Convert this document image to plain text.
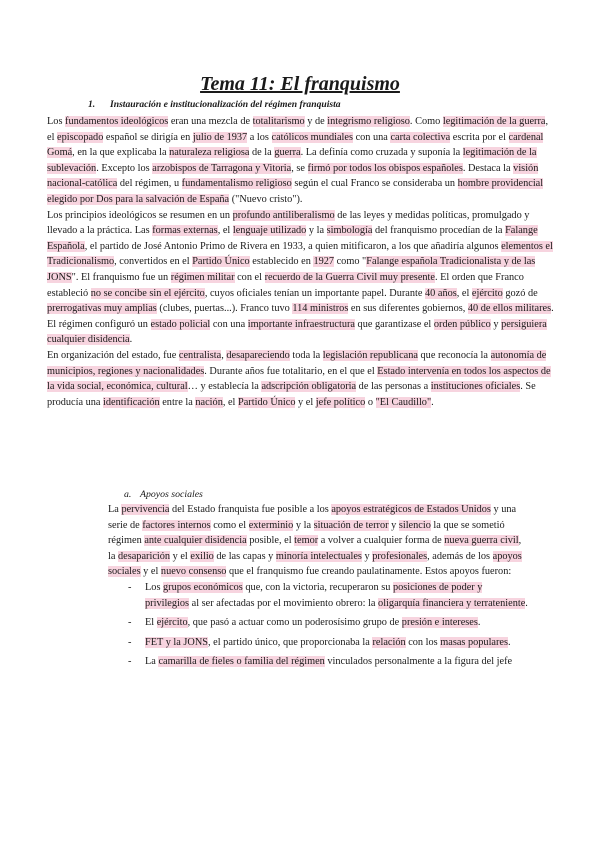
Tema 11: El franquismo
1. Instauración e institucionalización del régimen franquista

Los fundamentos ideológicos eran una mezcla de totalitarismo y de integrismo religioso. Como legitimación de la guerra, el episcopado español se dirigía en julio de 1937 a los católicos mundiales con una carta colectiva escrita por el cardenal Gomá, en la que explicaba la naturaleza religiosa de la guerra. La definía como cruzada y suponía la legitimación de la sublevación. Excepto los arzobispos de Tarragona y Vitoria, se firmó por todos los obispos españoles. Destaca la visión nacional-católica del régimen, u fundamentalismo religioso según el cual Franco se consideraba un hombre providencial elegido por Dos para la salvación de España ("Nuevo cristo").

Los principios ideológicos se resumen en un profundo antiliberalismo de las leyes y medidas políticas, promulgado y llevado a la práctica. Las formas externas, el lenguaje utilizado y la simbología del franquismo procedían de la Falange Española, el partido de José Antonio Primo de Rivera en 1933, a quien mitificaron, a los que añadiría algunos elementos el Tradicionalismo, convertidos en el Partido Único establecido en 1927 como "Falange española Tradicionalista y de las JONS". El franquismo fue un régimen militar con el recuerdo de la Guerra Civil muy presente. El orden que Franco estableció no se concibe sin el ejército, cuyos oficiales tenían un importante papel. Durante 40 años, el ejército gozó de prerrogativas muy amplias (clubes, puertas...). Franco tuvo 114 ministros en sus diferentes gobiernos, 40 de ellos militares. El régimen configuró un estado policial con una importante infraestructura que garantizase el orden público y persiguiera cualquier disidencia.

En organización del estado, fue centralista, desapareciendo toda la legislación republicana que reconocía la autonomía de municipios, regiones y nacionalidades. Durante años fue totalitario, en el que el Estado intervenía en todos los aspectos de la vida social, económica, cultural… y establecía la adscripción obligatoria de las personas a instituciones oficiales. Se producía una identificación entre la nación, el Partido Único y el jefe político o "El Caudillo".

a. Apoyos sociales

La pervivencia del Estado franquista fue posible a los apoyos estratégicos de Estados Unidos y una serie de factores internos como el exterminio y la situación de terror y silencio la que se sometió régimen ante cualquier disidencia posible, el temor a volver a cualquier forma de nueva guerra civil, la desaparición y el exilio de las capas y minoría intelectuales y profesionales, además de los apoyos sociales y el nuevo consenso que el franquismo fue creando paulatinamente. Estos apoyos fueron:

- Los grupos económicos que, con la victoria, recuperaron su posiciones de poder y privilegios al ser afectadas por el movimiento obrero: la oligarquía financiera y terrateniente.
- El ejército, que pasó a actuar como un poderosísimo grupo de presión e intereses.
- FET y la JONS, el partido único, que proporcionaba la relación con los masas populares.
- La camarilla de fieles o familia del régimen vinculados personalmente a la figura del jefe
